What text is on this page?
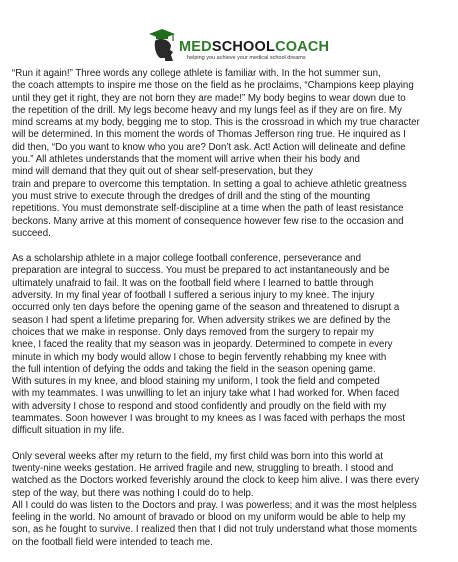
MEDSCHOOLCOACH
helping you achieve your medical school dreams

“Run it again!” Three words any college athlete is familiar with. In the hot summer sun,
the coach attempts to inspire me those on the field as he proclaims, “Champions keep playing
until they get it right, they are not born they are made!” My body begins to wear down due to
the repetition of the drill. My legs become heavy and my lungs feel as if they are on fire. My
mind screams at my body, begging me to stop. This is the crossroad in which my true character
will be determined. In this moment the words of Thomas Jefferson ring true. He inquired as I
did then, “Do you want to know who you are? Don’t ask. Act! Action will delineate and define
you.” All athletes understands that the moment will arrive when their his body and
mind will demand that they quit out of shear self-preservation, but they
train and prepare to overcome this temptation. In setting a goal to achieve athletic greatness
you must strive to execute through the dredges of drill and the sting of the mounting
repetitions. You must demonstrate self-discipline at a time when the path of least resistance
beckons. Many arrive at this moment of consequence however few rise to the occasion and
succeed.

As a scholarship athlete in a major college football conference, perseverance and
preparation are integral to success. You must be prepared to act instantaneously and be
ultimately unafraid to fail. It was on the football field where I learned to battle through
adversity. In my final year of football I suffered a serious injury to my knee. The injury
occurred only ten days before the opening game of the season and threatened to disrupt a
season I had spent a lifetime preparing for. When adversity strikes we are defined by the
choices that we make in response. Only days removed from the surgery to repair my
knee, I faced the reality that my season was in jeopardy. Determined to compete in every
minute in which my body would allow I chose to begin fervently rehabbing my knee with
the full intention of defying the odds and taking the field in the season opening game.
With sutures in my knee, and blood staining my uniform, I took the field and competed
with my teammates. I was unwilling to let an injury take what I had worked for. When faced
with adversity I chose to respond and stood confidently and proudly on the field with my
teammates. Soon however I was brought to my knees as I was faced with perhaps the most
difficult situation in my life.

Only several weeks after my return to the field, my first child was born into this world at
twenty-nine weeks gestation. He arrived fragile and new, struggling to breath. I stood and
watched as the Doctors worked feverishly around the clock to keep him alive. I was there every
step of the way, but there was nothing I could do to help.
All I could do was listen to the Doctors and pray. I was powerless; and it was the most helpless
feeling in the world. No amount of bravado or blood on my uniform would be able to help my
son, as he fought to survive. I realized then that I did not truly understand what those moments
on the football field were intended to teach me.
